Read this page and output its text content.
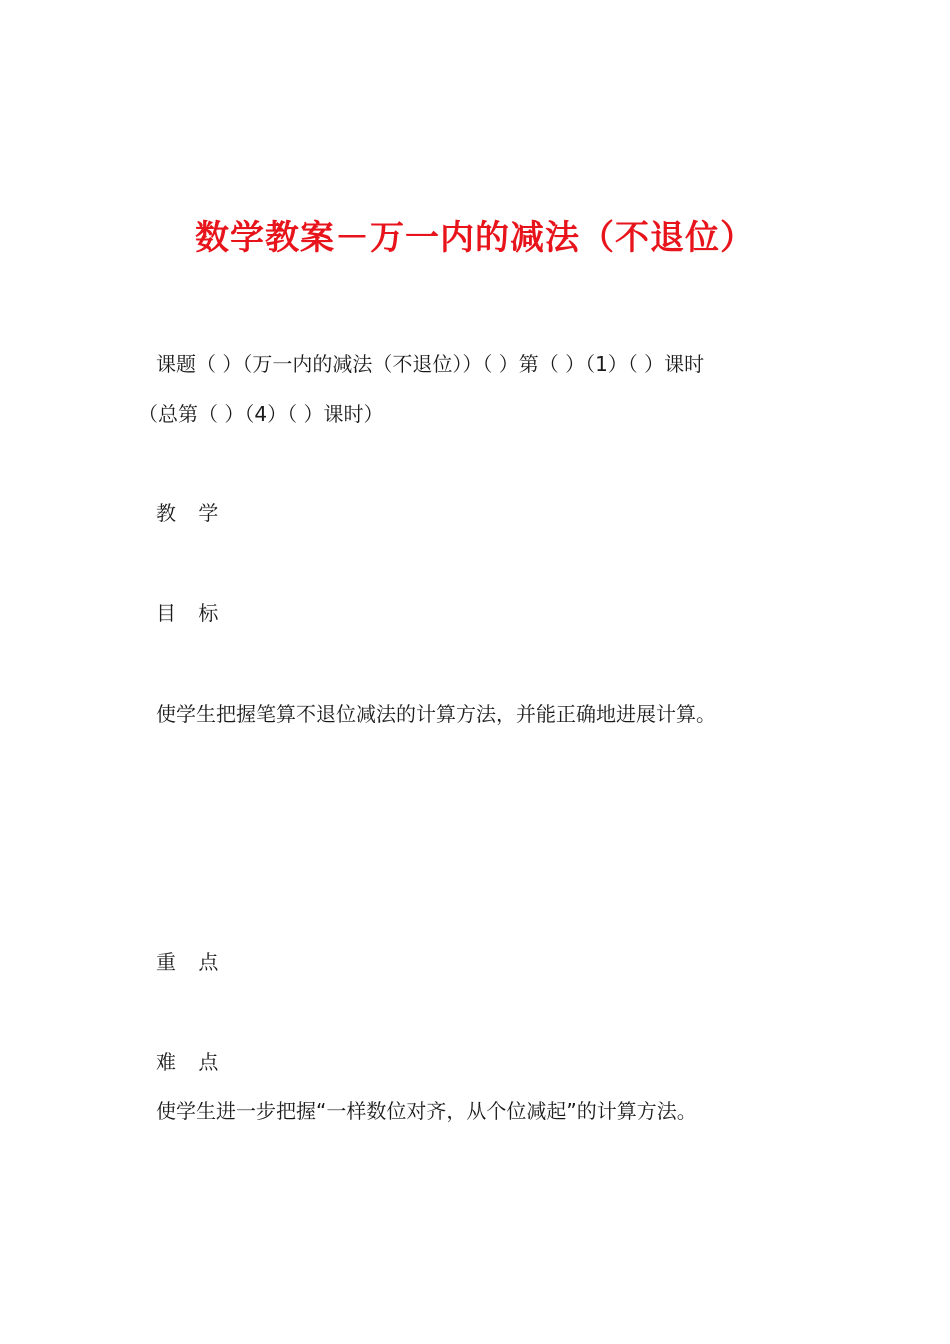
数学教案－万一内的减法（不退位）
课题（ ）（万一内的减法（不退位））（ ）第（ ）（1）（ ）课时
（总第（ ）（4）（ ）课时）
教 学
目 标
使学生把握笔算不退位减法的计算方法，并能正确地进展计算。
重 点
难 点
使学生进一步把握“一样数位对齐，从个位减起”的计算方法。
